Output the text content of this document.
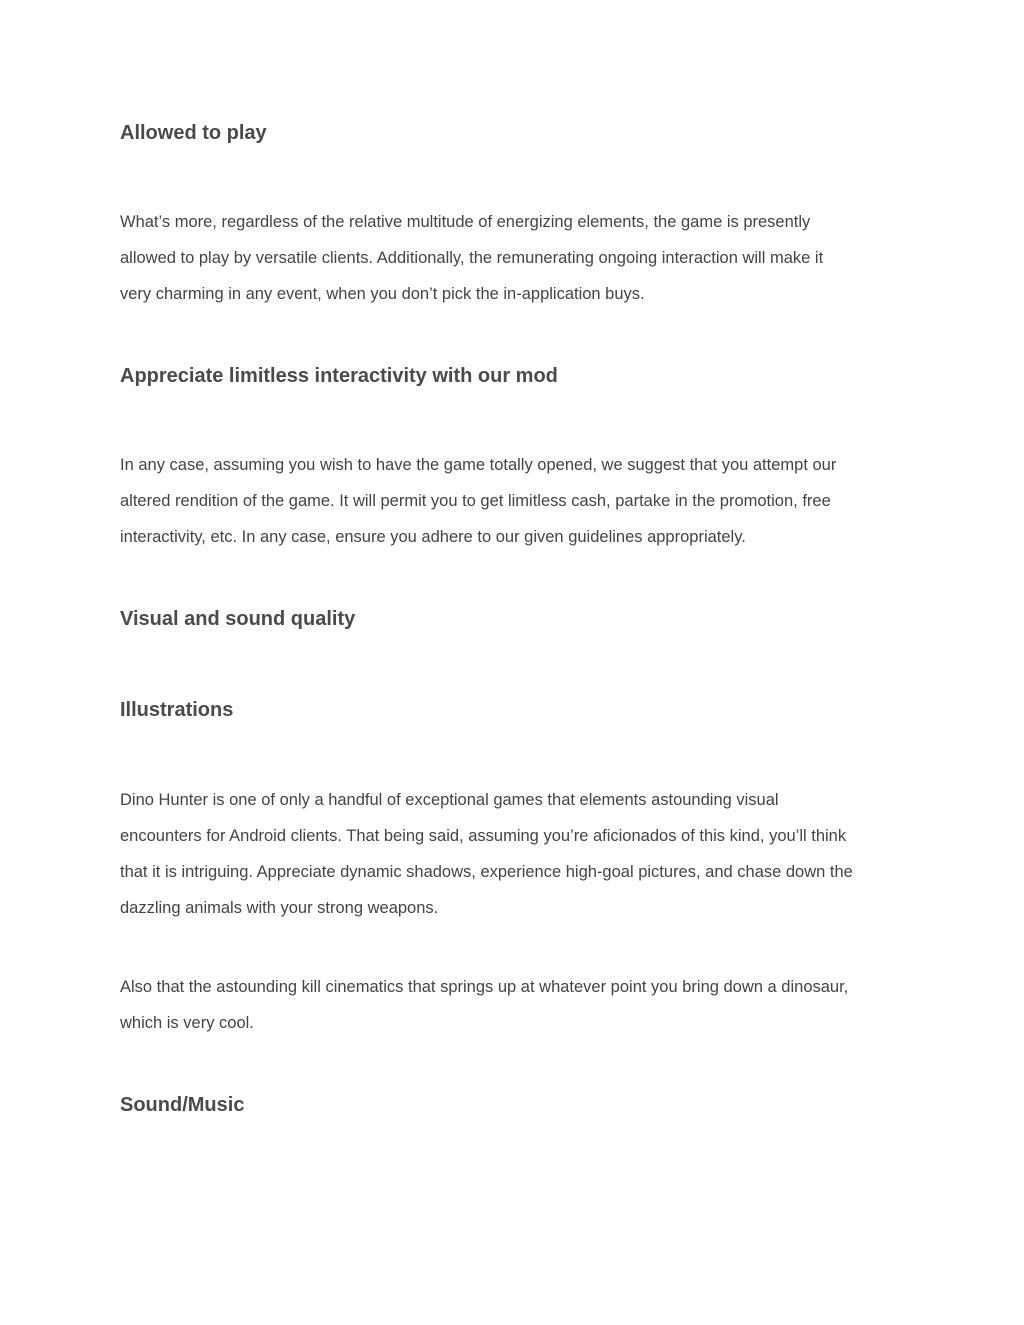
Allowed to play

What’s more, regardless of the relative multitude of energizing elements, the game is presently
allowed to play by versatile clients. Additionally, the remunerating ongoing interaction will make it
very charming in any event, when you don’t pick the in-application buys.

Appreciate limitless interactivity with our mod

In any case, assuming you wish to have the game totally opened, we suggest that you attempt our
altered rendition of the game. It will permit you to get limitless cash, partake in the promotion, free
interactivity, etc. In any case, ensure you adhere to our given guidelines appropriately.

Visual and sound quality
Illustrations

Dino Hunter is one of only a handful of exceptional games that elements astounding visual
encounters for Android clients. That being said, assuming you’re aficionados of this kind, you’ll think
that it is intriguing. Appreciate dynamic shadows, experience high-goal pictures, and chase down the
dazzling animals with your strong weapons.

Also that the astounding kill cinematics that springs up at whatever point you bring down a dinosaur,
which is very cool.

Sound/Music
